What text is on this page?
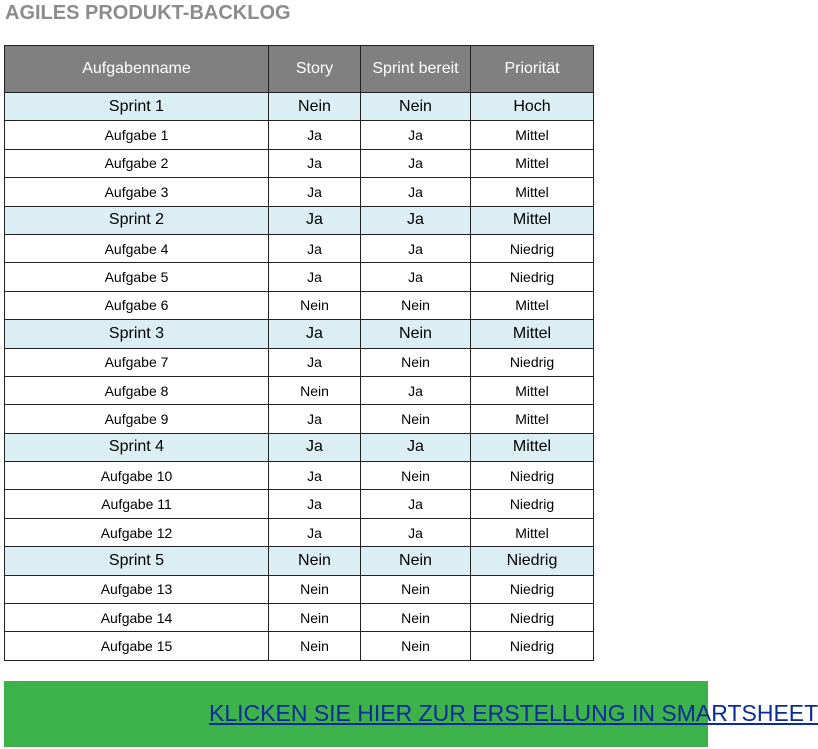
AGILES PRODUKT-BACKLOG
Aufgabenname	Story	Sprint bereit	Priorität
Sprint 1	Nein	Nein	Hoch
Aufgabe 1	Ja	Ja	Mittel
Aufgabe 2	Ja	Ja	Mittel
Aufgabe 3	Ja	Ja	Mittel
Sprint 2	Ja	Ja	Mittel
Aufgabe 4	Ja	Ja	Niedrig
Aufgabe 5	Ja	Ja	Niedrig
Aufgabe 6	Nein	Nein	Mittel
Sprint 3	Ja	Nein	Mittel
Aufgabe 7	Ja	Nein	Niedrig
Aufgabe 8	Nein	Ja	Mittel
Aufgabe 9	Ja	Nein	Mittel
Sprint 4	Ja	Ja	Mittel
Aufgabe 10	Ja	Nein	Niedrig
Aufgabe 11	Ja	Ja	Niedrig
Aufgabe 12	Ja	Ja	Mittel
Sprint 5	Nein	Nein	Niedrig
Aufgabe 13	Nein	Nein	Niedrig
Aufgabe 14	Nein	Nein	Niedrig
Aufgabe 15	Nein	Nein	Niedrig
KLICKEN SIE HIER ZUR ERSTELLUNG IN SMARTSHEET
